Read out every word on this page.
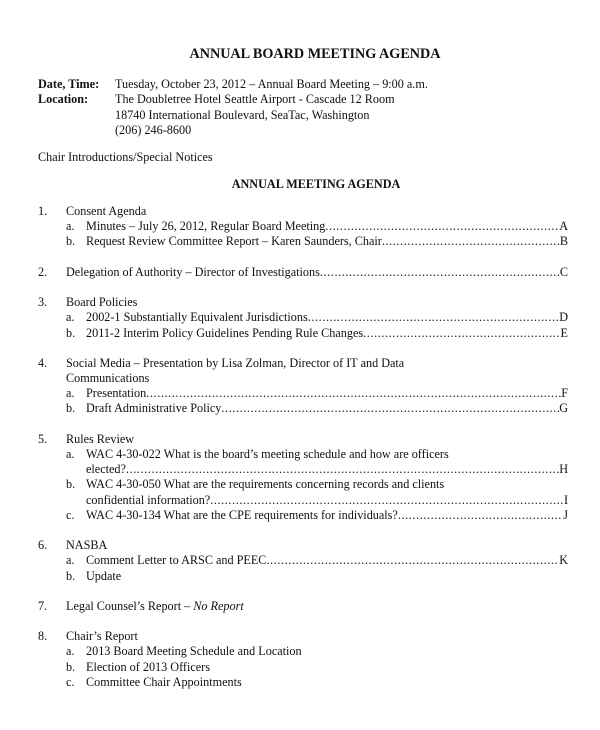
ANNUAL BOARD MEETING AGENDA
Date, Time:	Tuesday, October 23, 2012 – Annual Board Meeting – 9:00 a.m.
Location:	The Doubletree Hotel Seattle Airport - Cascade 12 Room
18740 International Boulevard, SeaTac, Washington
(206) 246-8600
Chair Introductions/Special Notices
ANNUAL MEETING AGENDA
1. Consent Agenda
a. Minutes – July 26, 2012, Regular Board Meeting .....	A
b. Request Review Committee Report – Karen Saunders, Chair .....	B
2. Delegation of Authority – Director of Investigations .....	C
3. Board Policies
a. 2002-1 Substantially Equivalent Jurisdictions .....	D
b. 2011-2 Interim Policy Guidelines Pending Rule Changes .....	E
4. Social Media – Presentation by Lisa Zolman, Director of IT and Data
Communications
a. Presentation .....	F
b. Draft Administrative Policy .....	G
5. Rules Review
a. WAC 4-30-022 What is the board’s meeting schedule and how are officers
elected? .....	H
b. WAC 4-30-050 What are the requirements concerning records and clients
confidential information? .....	I
c. WAC 4-30-134 What are the CPE requirements for individuals? .....	J
6. NASBA
a. Comment Letter to ARSC and PEEC .....	K
b. Update
7. Legal Counsel’s Report – No Report
8. Chair’s Report
a. 2013 Board Meeting Schedule and Location
b. Election of 2013 Officers
c. Committee Chair Appointments
